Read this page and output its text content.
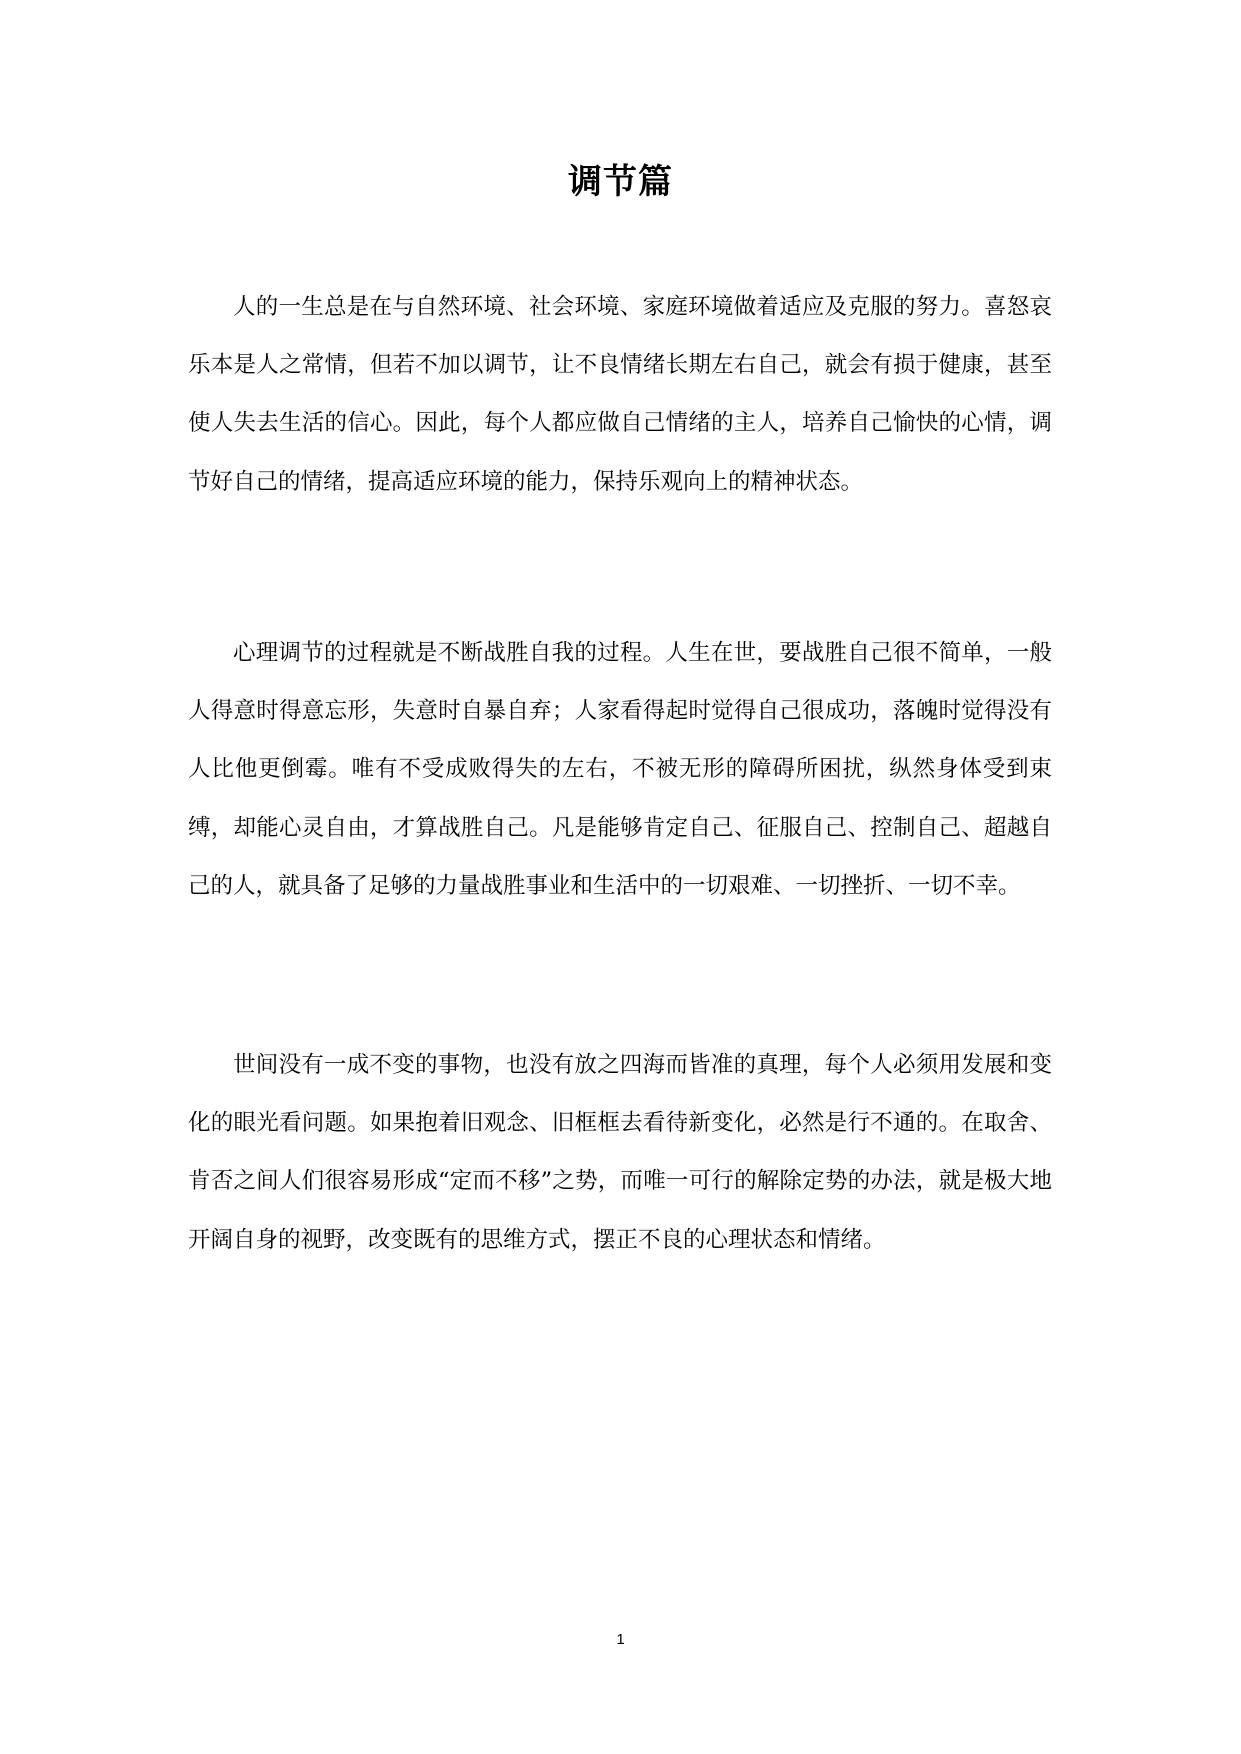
调节篇

人的一生总是在与自然环境、社会环境、家庭环境做着适应及克服的努力。喜怒哀乐本是人之常情，但若不加以调节，让不良情绪长期左右自己，就会有损于健康，甚至使人失去生活的信心。因此，每个人都应做自己情绪的主人，培养自己愉快的心情，调节好自己的情绪，提高适应环境的能力，保持乐观向上的精神状态。

心理调节的过程就是不断战胜自我的过程。人生在世，要战胜自己很不简单，一般人得意时得意忘形，失意时自暴自弃；人家看得起时觉得自己很成功，落魄时觉得没有人比他更倒霉。唯有不受成败得失的左右，不被无形的障碍所困扰，纵然身体受到束缚，却能心灵自由，才算战胜自己。凡是能够肯定自己、征服自己、控制自己、超越自己的人，就具备了足够的力量战胜事业和生活中的一切艰难、一切挫折、一切不幸。

世间没有一成不变的事物，也没有放之四海而皆准的真理，每个人必须用发展和变化的眼光看问题。如果抱着旧观念、旧框框去看待新变化，必然是行不通的。在取舍、肯否之间人们很容易形成“定而不移”之势，而唯一可行的解除定势的办法，就是极大地开阔自身的视野，改变既有的思维方式，摆正不良的心理状态和情绪。

1
